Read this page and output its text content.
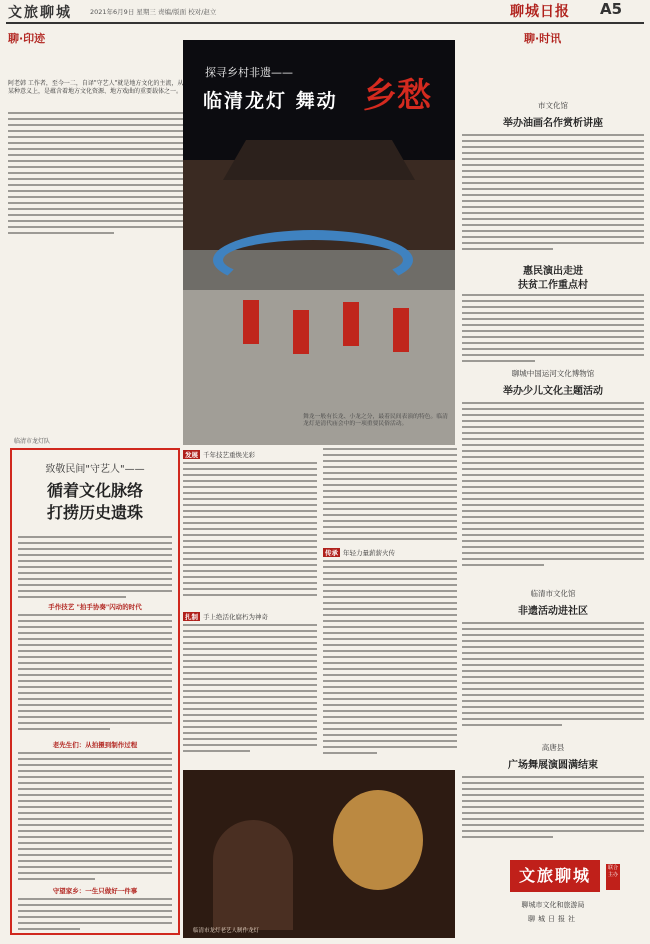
文旅聊城	2021年6月9日 星期三 责编/版面 校对/赵立	聊城日报 A5
聊·印迹
阿老韩 工作者，至今一二，自译"守艺人"就是地方文化的主流，从某种意义上，是蕴含着地方文化资源、地方戏曲的重要载体之一。
探寻乡村非遗——
临清龙灯 舞动 乡愁
舞龙一般有长龙、小龙之分，最着民间表演的特色。临清龙灯是清代庙会中的一项重要民俗活动。
临清市龙灯队
聊·时讯
市文化馆
举办油画名作赏析讲座
惠民演出走进
扶贫工作重点村
聊城中国运河文化博物馆
举办少儿文化主题活动
临清市文化馆
非遗活动进社区
高唐县
广场舞展演圆满结束
致敬民间"守艺人"——
循着文化脉络
打捞历史遗珠
手作技艺 "拍手协奏"闪动的时代
老先生们：从拍摄到制作过程
守望家乡：一生只做好一件事
发展 千年技艺重焕光彩
扎制 手上绝活化腐朽为神奇
传承 年轻力量薪薪火传
临清市龙灯老艺人制作龙灯
文旅聊城	联合主办
聊城市文化和旅游局
聊城日报社
